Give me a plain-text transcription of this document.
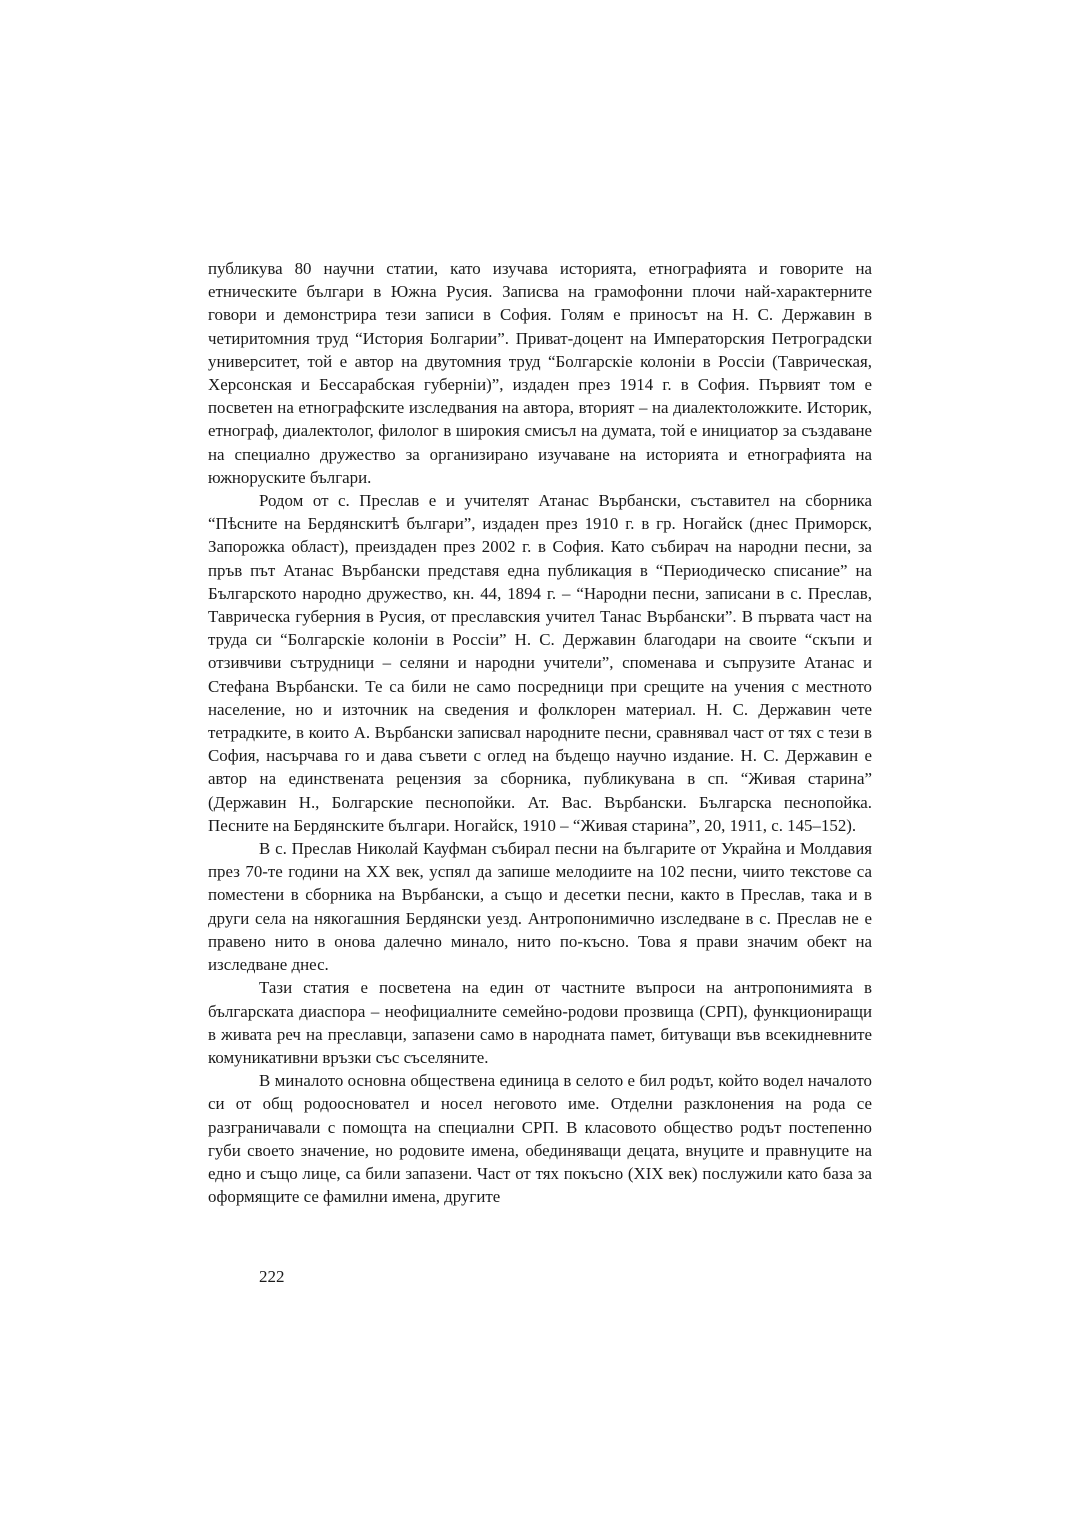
публикува 80 научни статии, като изучава историята, етнографията и говорите на етническите българи в Южна Русия. Записва на грамофонни плочи най-характерните говори и демонстрира тези записи в София. Голям е приносът на Н. С. Державин в четиритомния труд “История Болгарии”. Приват-доцент на Императорския Петроградски университет, той е автор на двутомния труд “Болгарскiе колонiи в Россiи (Таврическая, Херсонская и Бессарабская губернiи)”, издаден през 1914 г. в София. Първият том е посветен на етнографските изследвания на автора, вторият – на диалектоложките. Историк, етнограф, диалектолог, филолог в широкия смисъл на думата, той е инициатор за създаване на специално дружество за организирано изучаване на историята и етнографията на южноруските българи.

Родом от с. Преслав е и учителят Атанас Върбански, съставител на сборника “Пѣсните на Бердянскитѣ българи”, издаден през 1910 г. в гр. Ногайск (днес Приморск, Запорожка област), преиздаден през 2002 г. в София. Като събирач на народни песни, за пръв път Атанас Върбански представя една публикация в “Периодическо списание” на Българското народно дружество, кн. 44, 1894 г. – “Народни песни, записани в с. Преслав, Таврическа губерния в Русия, от преславския учител Танас Върбански”. В първата част на труда си “Болгарскiе колонiи в Россiи” Н. С. Державин благодари на своите “скъпи и отзивчиви сътрудници – селяни и народни учители”, споменава и съпрузите Атанас и Стефана Върбански. Те са били не само посредници при срещите на учения с местното население, но и източник на сведения и фолклорен материал. Н. С. Державин чете тетрадките, в които А. Върбански записвал народните песни, сравнявал част от тях с тези в София, насърчава го и дава съвети с оглед на бъдещо научно издание. Н. С. Державин е автор на единствената рецензия за сборника, публикувана в сп. “Живая старина” (Державин Н., Болгарские песнопойки. Ат. Вас. Върбански. Българска песнопойка. Песните на Бердянските българи. Ногайск, 1910 – “Живая старина”, 20, 1911, с. 145–152).

В с. Преслав Николай Кауфман събирал песни на българите от Украйна и Молдавия през 70-те години на XX век, успял да запише мелодиите на 102 песни, чиито текстове са поместени в сборника на Върбански, а също и десетки песни, както в Преслав, така и в други села на някогашния Бердянски уезд. Антропонимично изследване в с. Преслав не е правено нито в онова далечно минало, нито по-късно. Това я прави значим обект на изследване днес.

Тази статия е посветена на един от частните въпроси на антропонимията в българската диаспора – неофициалните семейно-родови прозвища (СРП), функциониращи в живата реч на преславци, запазени само в народната памет, битуващи във всекидневните комуникативни връзки със съселяните.

В миналото основна обществена единица в селото е бил родът, който водел началото си от общ родоосновател и носел неговото име. Отделни разклонения на рода се разграничавали с помощта на специални СРП. В класовото общество родът постепенно губи своето значение, но родовите имена, обединяващи децата, внуците и правнуците на едно и също лице, са били запазени. Част от тях покъсно (XIX век) послужили като база за оформящите се фамилни имена, другите

222
